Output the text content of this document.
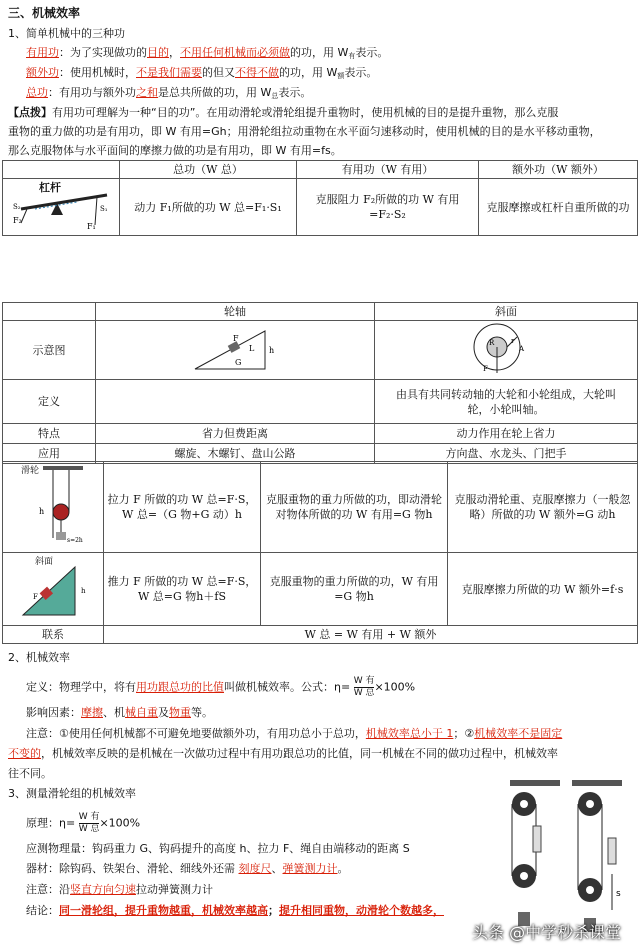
三、机械效率
1、简单机械中的三种功
有用功：为了实现做功的目的，不用任何机械而必须做的功，用 $W_有$表示。
额外功：使用机械时，不是我们需要的但又不得不做的功，用 $W_额$表示。
总功：有用功与额外功之和是总共所做的功，用 $W_总$表示。
【点拨】有用功可理解为一种“目的功”。在用动滑轮或滑轮组提升重物时，使用机械的目的是提升重物，那么克服
重物的重力做的功是有用功，即 W 有用=Gh；用滑轮组拉动重物在水平面匀速移动时，使用机械的目的是水平移动重物，
那么克服物体与水平面间的摩擦力做的功是有用功，即 W 有用=fs。
	总功（W 总）	有用功（W 有用）	额外功（W 额外）

F₂
F₁
S₂ S₁
杠杆	动力 F₁所做的功 W 总=F₁·S₁	克服阻力 F₂所做的功 W 有用=F₂·S₂	克服摩擦或杠杆自重所做的功
	轮轴	斜面
示意图	h
G
F
L	R r
A
F

定义		由具有共同转动轴的大轮和小轮组成，大轮叫轮，小轮叫轴。
特点	省力但费距离	动力作用在轮上省力
应用	螺旋、木螺钉、盘山公路	方向盘、水龙头、门把手
h
s=2h
滑轮	拉力 F 所做的功 W 总=F·S，W 总=（G 物+G 动）h	克服重物的重力所做的功，即动滑轮对物体所做的功 W 有用=G 物h	克服动滑轮重、克服摩擦力（一般忽略）所做的功 W 额外=G 动h

F
h
斜面	推力 F 所做的功 W 总=F·S，W 总=G 物h＋fS	克服重物的重力所做的功，W 有用=G 物h	克服摩擦力所做的功 W 额外=f·s
联系	W 总 = W 有用 + W 额外		
2、机械效率
定义：物理学中，将有用功跟总功的比值叫做机械效率。公式：η= W 有
W 总 ×100%
影响因素：摩擦、机械自重及物重等。
注意：①使用任何机械都不可避免地要做额外功，有用功总小于总功，机械效率总小于 1；②机械效率不是固定
不变的，机械效率反映的是机械在一次做功过程中有用功跟总功的比值，同一机械在不同的做功过程中，机械效率
往不同。
3、测量滑轮组的机械效率
原理：η= W 有
W 总 ×100%
应测物理量：钩码重力 G、钩码提升的高度 h、拉力 F、绳自由端移动的距离 S
器材：除钩码、铁架台、滑轮、细线外还需 刻度尺、弹簧测力计。
注意：沿竖直方向匀速拉动弹簧测力计
结论：同一滑轮组，提升重物越重，机械效率越高；提升相同重物，动滑轮个数越多，
s
头条 @中学秒杀课堂
